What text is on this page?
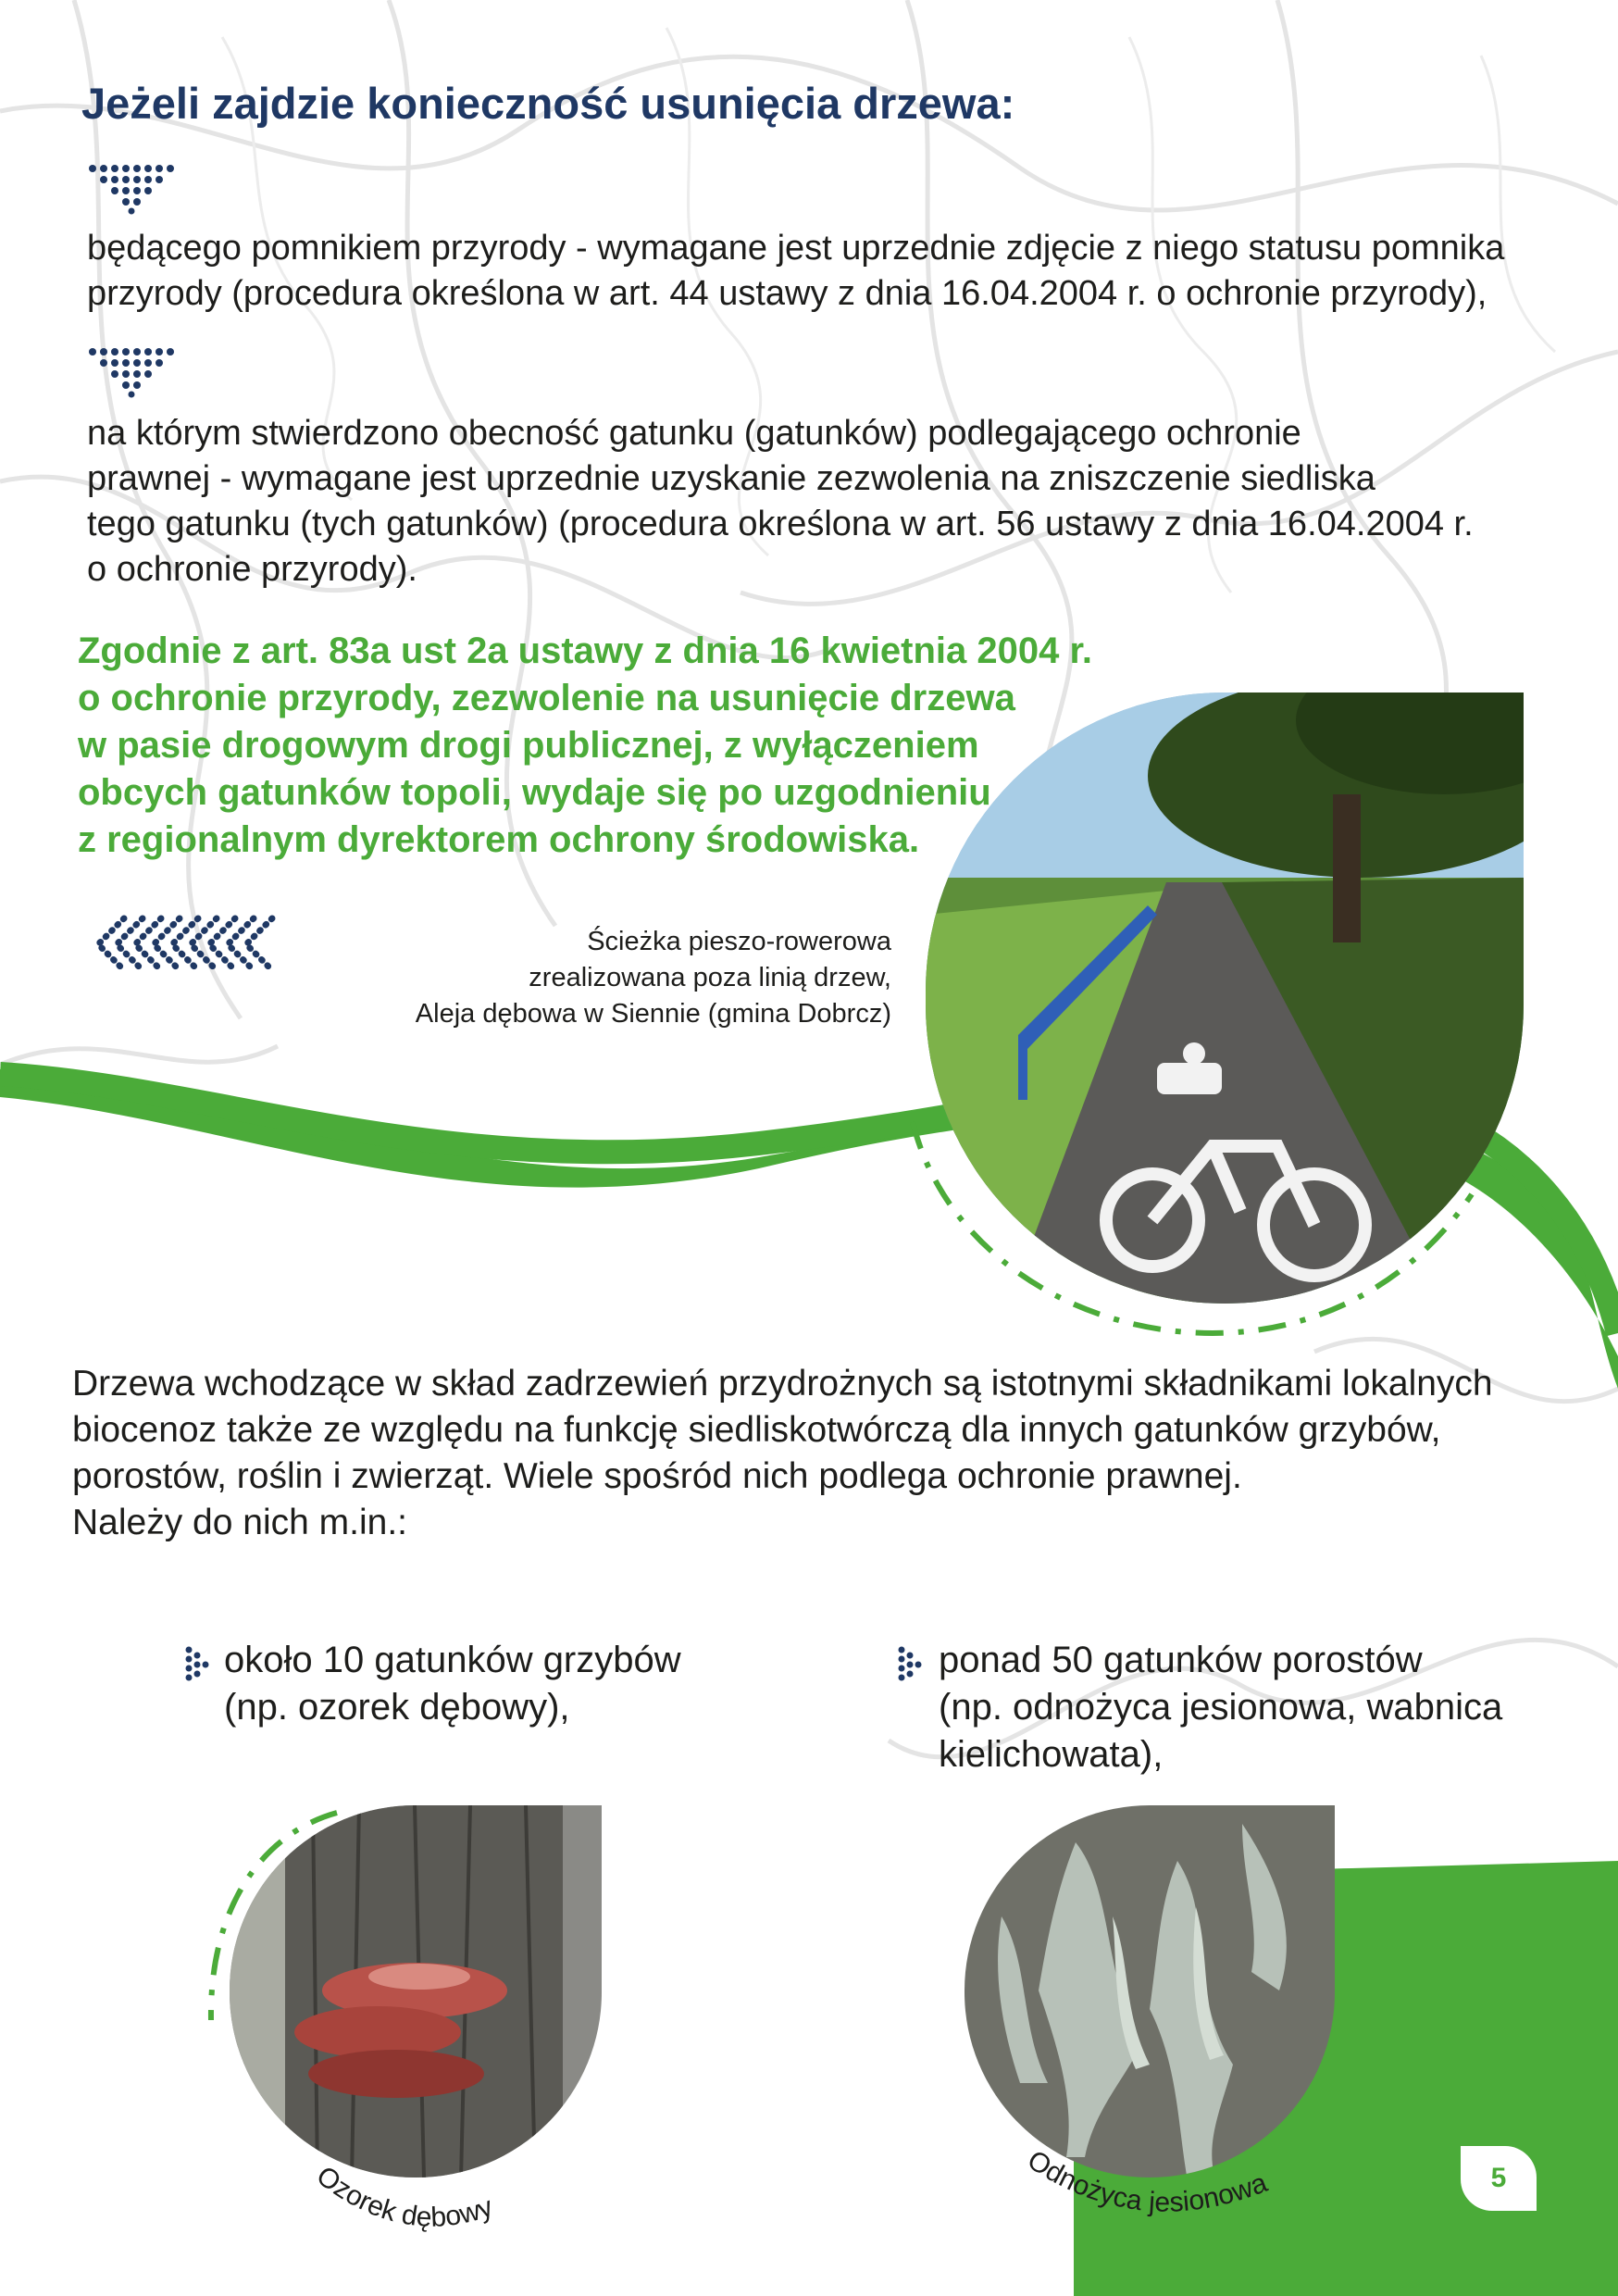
Jeżeli zajdzie konieczność usunięcia drzewa:

będącego pomnikiem przyrody - wymagane jest uprzednie zdjęcie z niego statusu pomnika

przyrody (procedura określona w art. 44 ustawy z dnia 16.04.2004 r. o ochronie przyrody),

na którym stwierdzono obecność gatunku (gatunków) podlegającego ochronie

prawnej - wymagane jest uprzednie uzyskanie zezwolenia na zniszczenie siedliska

tego gatunku (tych gatunków) (procedura określona w art. 56 ustawy z dnia 16.04.2004 r.

o ochronie przyrody).

Zgodnie z art. 83a ust 2a ustawy z dnia 16 kwietnia 2004 r.
o ochronie przyrody, zezwolenie na usunięcie drzewa
w pasie drogowym drogi publicznej, z wyłączeniem
obcych gatunków topoli, wydaje się po uzgodnieniu
z regionalnym dyrektorem ochrony środowiska.
Ścieżka pieszo-rowerowa
zrealizowana poza linią drzew,
Aleja dębowa w Siennie (gmina Dobrcz)

Drzewa wchodzące w skład zadrzewień przydrożnych są istotnymi składnikami lokalnych

biocenoz także ze względu na funkcję siedliskotwórczą dla innych gatunków grzybów,

porostów, roślin i zwierząt. Wiele spośród nich podlega ochronie prawnej.

Należy do nich m.in.:

około 10 gatunków grzybów

(np. ozorek dębowy),

ponad 50 gatunków porostów

(np. odnożyca jesionowa, wabnica

kielichowata),

Ozorek dębowy
Odnożyca jesionowa	5
